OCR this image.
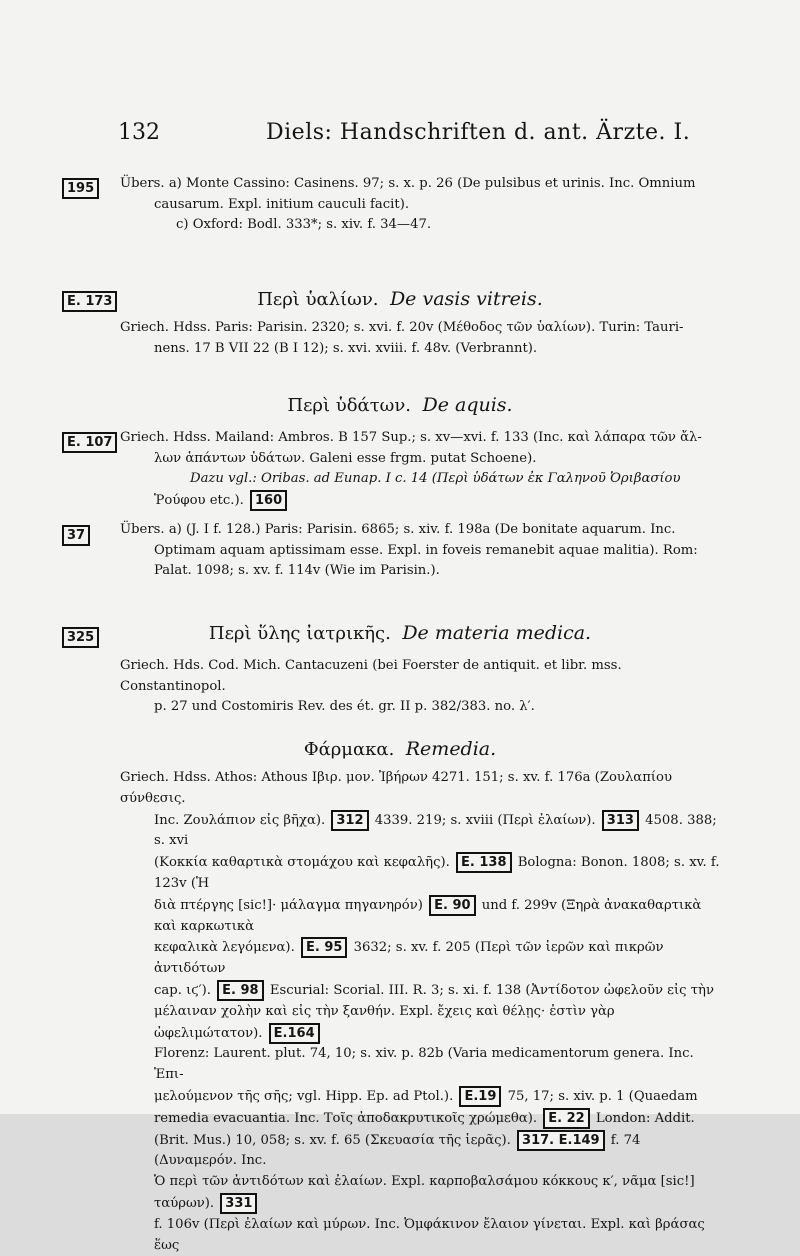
132	Diels: Handschriften d. ant. Ärzte. I.
195	Übers. a) Monte Cassino: Casinens. 97; s. x. p. 26 (De pulsibus et urinis. Inc. Omnium
causarum. Expl. initium cauculi facit).
c) Oxford: Bodl. 333*; s. xiv. f. 34—47.
E. 173	Περὶ ὑαλίων. De vasis vitreis.
Griech. Hdss. Paris: Parisin. 2320; s. xvi. f. 20v (Μέθοδος τῶν ὑαλίων). Turin: Tauri-
nens. 17 B VII 22 (B I 12); s. xvi. xviii. f. 48v. (Verbrannt).
Περὶ ὑδάτων. De aquis.
E. 107 Griech. Hdss. Mailand: Ambros. B 157 Sup.; s. xv—xvi. f. 133 (Inc. καὶ λάπαρα τῶν ἄλ-
λων ἁπάντων ὑδάτων. Galeni esse frgm. putat Schoene).
Dazu vgl.: Oribas. ad Eunap. I c. 14 (Περὶ ὑδάτων ἐκ Γαληνοῦ Ὀριβασίου
Ῥούφου etc.). 160
37	Übers. a) (J. I f. 128.) Paris: Parisin. 6865; s. xiv. f. 198a (De bonitate aquarum. Inc.
Optimam aquam aptissimam esse. Expl. in foveis remanebit aquae malitia). Rom:
Palat. 1098; s. xv. f. 114v (Wie im Parisin.).
325	Περὶ ὕλης ἰατρικῆς. De materia medica.
Griech. Hds. Cod. Mich. Cantacuzeni (bei Foerster de antiquit. et libr. mss. Constantinopol.
p. 27 und Costomiris Rev. des ét. gr. II p. 382/383. no. λ′.
Φάρμακα. Remedia.
Griech. Hdss. Athos: Athous Ιβιρ. μον. Ἰβήρων 4271. 151; s. xv. f. 176a (Ζουλαπίου σύνθεσις.
Inc. Ζουλάπιον εἰς βῆχα). 312 4339. 219; s. xviii (Περὶ ἐλαίων). 313 4508. 388; s. xvi
(Κοκκία καθαρτικὰ στομάχου καὶ κεφαλῆς). E. 138 Bologna: Bonon. 1808; s. xv. f. 123v (Ἡ
διὰ πτέργης [sic!]· μάλαγμα πηγανηρόν) E. 90 und f. 299v (Ξηρὰ ἀνακαθαρτικὰ καὶ καρκωτικὰ
κεφαλικὰ λεγόμενα). E. 95 3632; s. xv. f. 205 (Περὶ τῶν ἱερῶν καὶ πικρῶν ἀντιδότων
cap. ιϛ′). E. 98 Escurial: Scorial. III. R. 3; s. xi. f. 138 (Ἀντίδοτον ὠφελοῦν εἰς τὴν
μέλαιναν χολὴν καὶ εἰς τὴν ξανθήν. Expl. ἔχεις καὶ θέλῃς· ἐστὶν γὰρ ὠφελιμώτατον). E.164
Florenz: Laurent. plut. 74, 10; s. xiv. p. 82b (Varia medicamentorum genera. Inc. Ἐπι-
μελούμενον τῆς σῆς; vgl. Hipp. Ep. ad Ptol.). E.19 75, 17; s. xiv. p. 1 (Quaedam
remedia evacuantia. Inc. Τοῖς ἀποδακρυτικοῖς χρώμεθα). E. 22 London: Addit.
(Brit. Mus.) 10, 058; s. xv. f. 65 (Σκευασία τῆς ἱερᾶς). 317. E.149 f. 74 (Δυναμερόν. Inc.
Ὁ περὶ τῶν ἀντιδότων καὶ ἐλαίων. Expl. καρποβαλσάμου κόκκους κ′, νᾶμα [sic!] ταύρων). 331
f. 106v (Περὶ ἐλαίων καὶ μύρων. Inc. Ὀμφάκινον ἔλαιον γίνεται. Expl. καὶ βράσας ἕως
